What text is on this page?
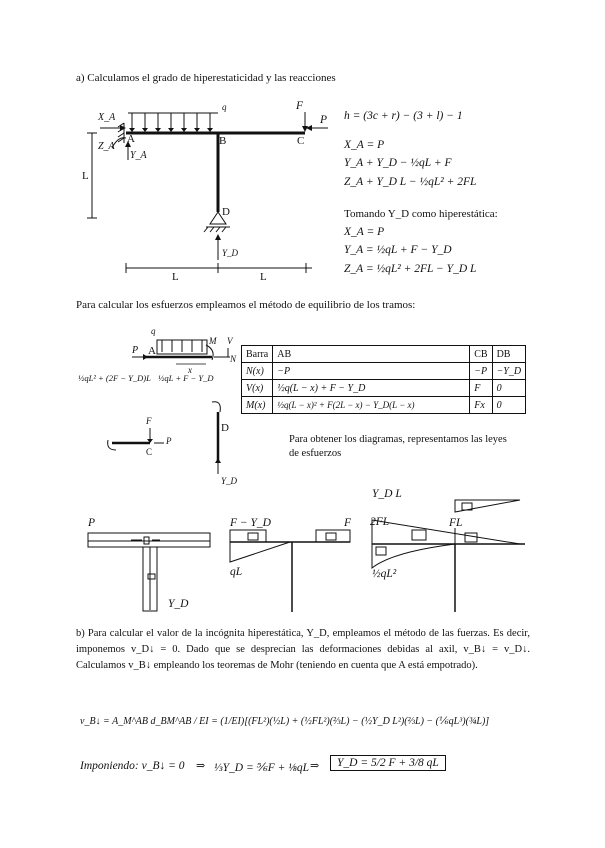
a) Calculamos el grado de hiperestaticidad y las reacciones
X_A
Z_A
Y_A
A	B	C
D
q	F
P
L
L	L
Y_D
h = (3c + r) − (3 + l) − 1
X_A = P
Y_A + Y_D − ½qL + F
Z_A + Y_D L − ½qL² + 2FL
Tomando Y_D como hiperestática:
X_A = P
Y_A = ½qL + F − Y_D
Z_A = ½qL² + 2FL − Y_D L
Para calcular los esfuerzos empleamos el método de equilibrio de los tramos:
q
P A
M V
N
x
½qL² + (2F − Y_D)L ½qL + F − Y_D
F
P
C
D
Y_D
Barra	AB	CB	DB
N(x)	−P	−P	−Y_D
V(x)	½q(L − x) + F − Y_D	F	0
M(x)	½q(L − x)² + F(2L − x) − Y_D(L − x)	Fx	0
Para obtener los diagramas, representamos las leyes de esfuerzos
P
Y_D
F − Y_D	F
qL
Y_D L
2FL	FL
½qL²
b) Para calcular el valor de la incógnita hiperestática, Y_D, empleamos el método de las fuerzas. Es decir, imponemos v_D↓ = 0. Dado que se desprecian las deformaciones debidas al axil, v_B↓ = v_D↓. Calculamos v_B↓ empleando los teoremas de Mohr (teniendo en cuenta que A está empotrado).
v_B↓ = A_M^AB d_BM^AB / EI = (1/EI)[(FL²)(½L) + (½FL²)(⅔L) − (½Y_D L²)(⅔L) − (⅙qL³)(¾L)]
Imponiendo: v_B↓ = 0 ⇒ ⅓Y_D = ⅚F + ⅛qL ⇒	Y_D = 5/2 F + 3/8 qL
